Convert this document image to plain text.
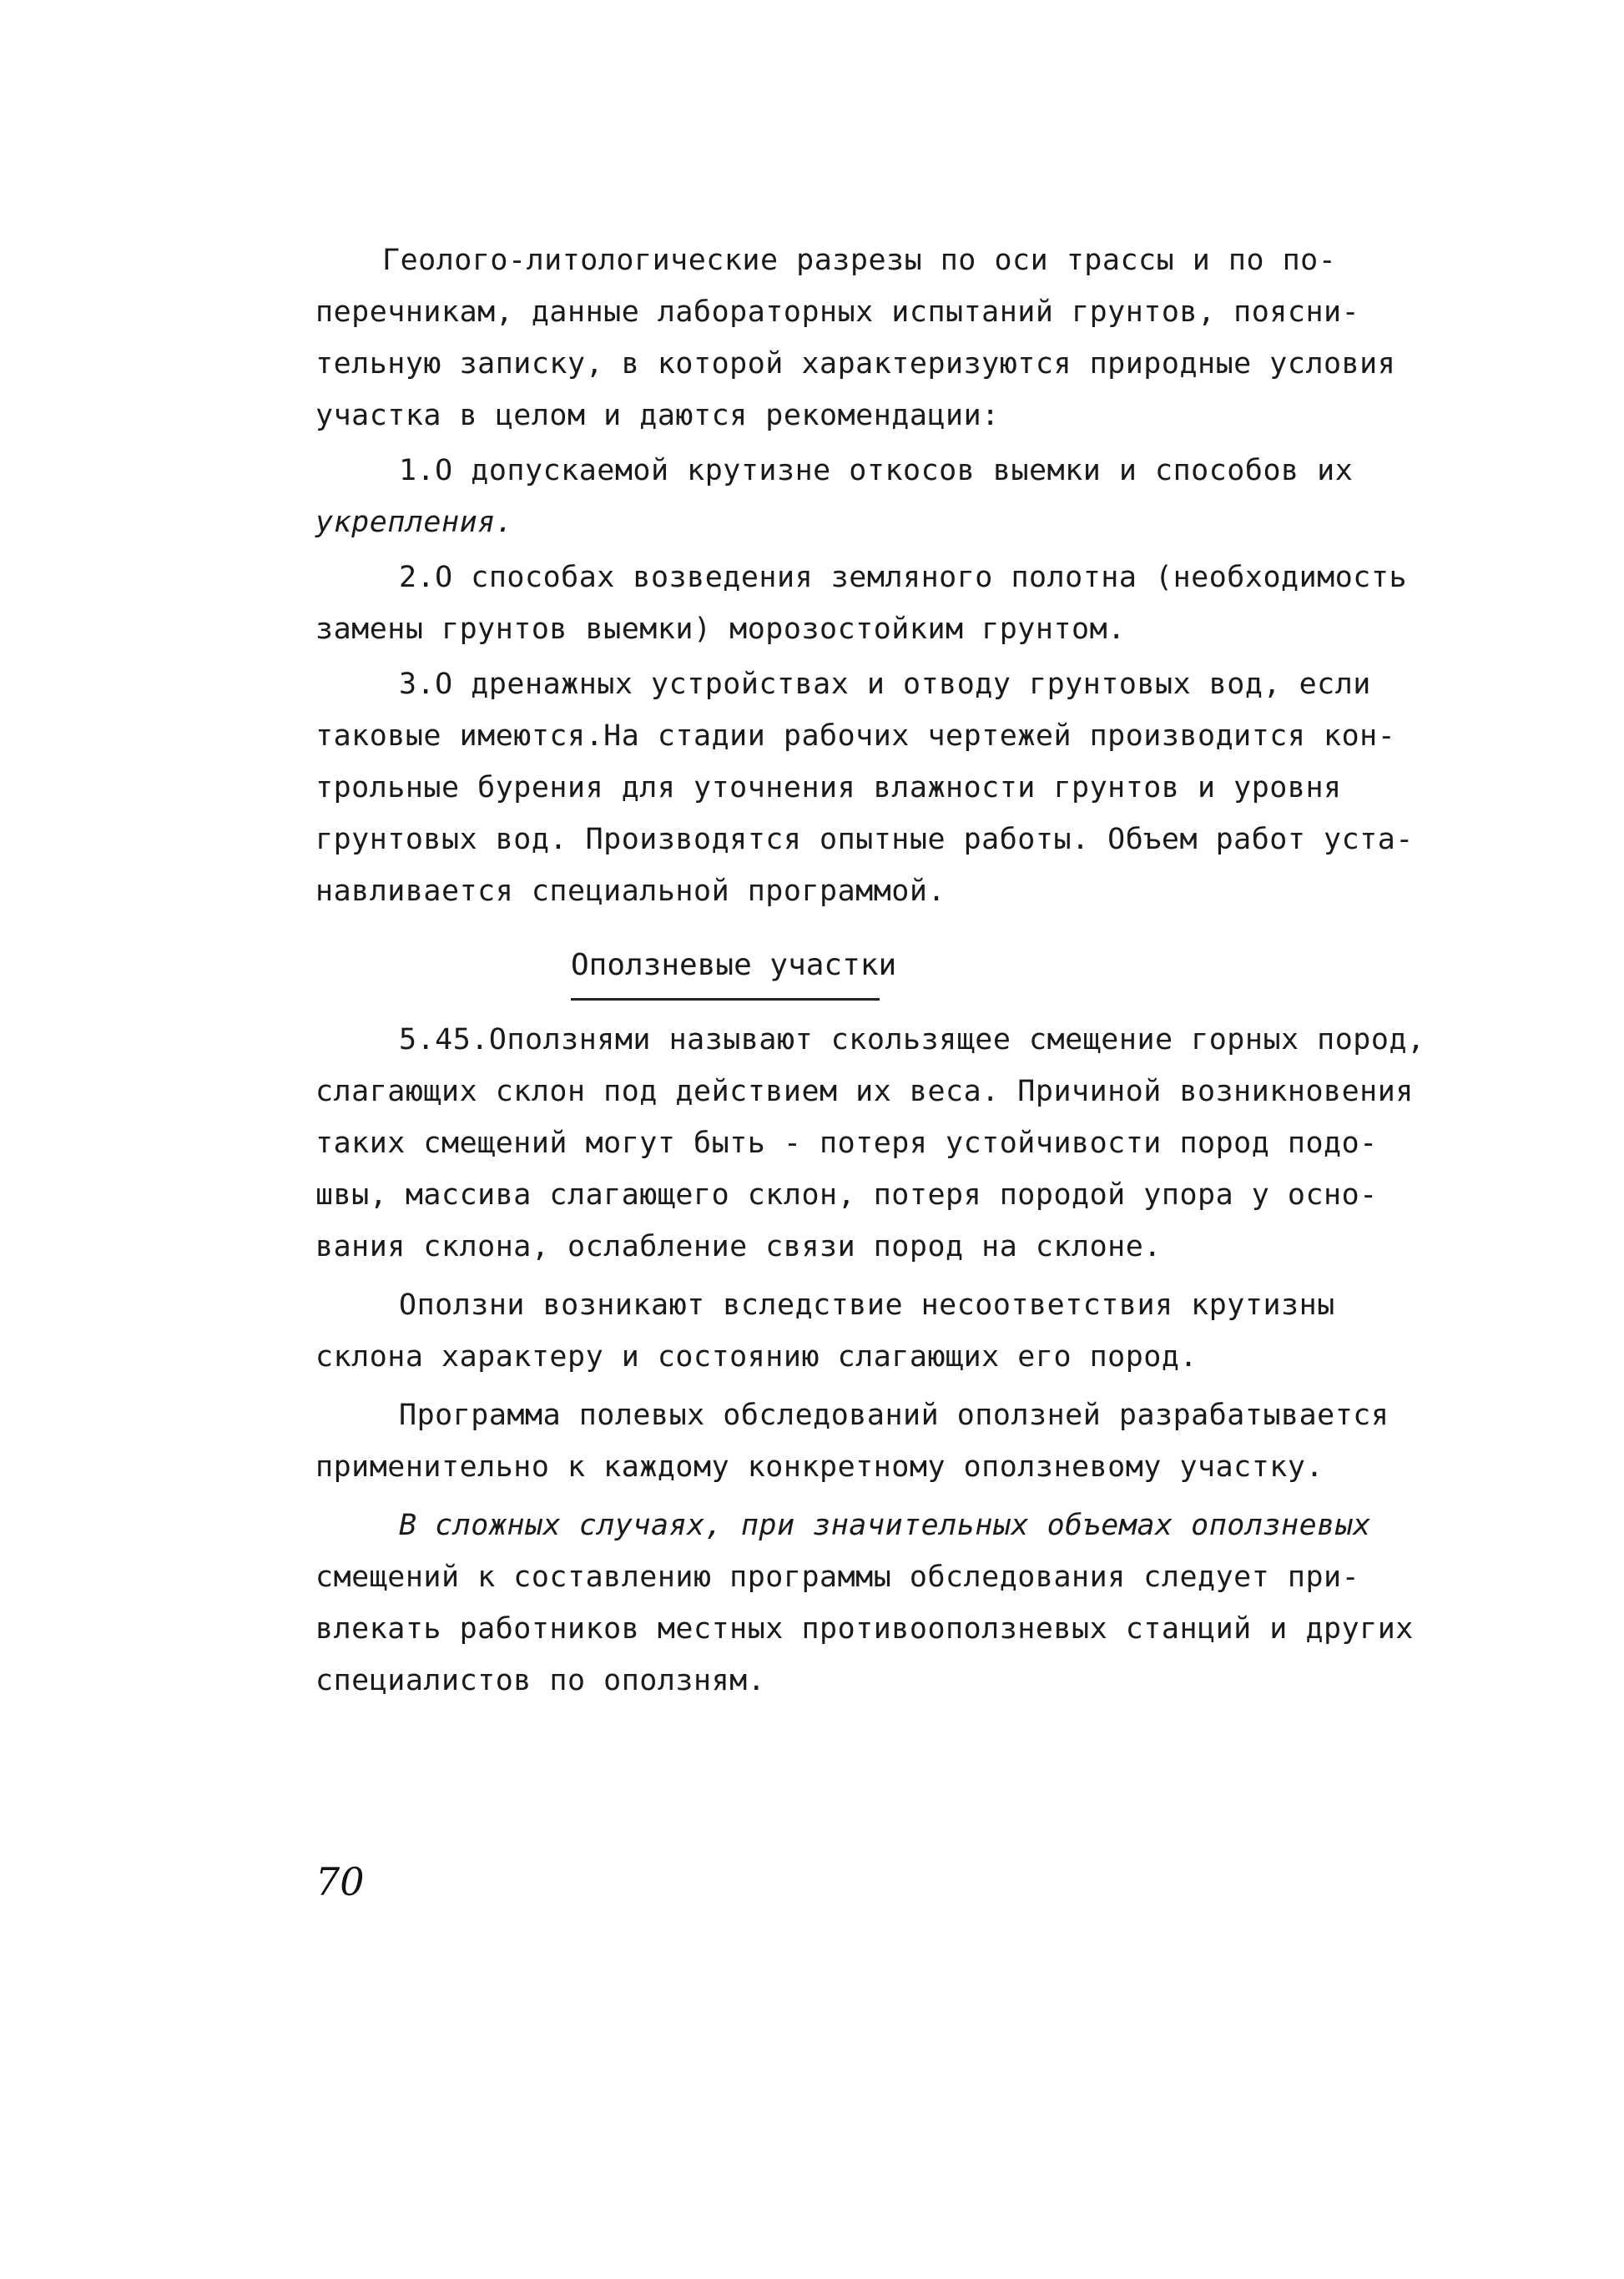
Геолого-литологические разрезы по оси трассы и по по-
перечникам, данные лабораторных испытаний грунтов, поясни-
тельную записку, в которой характеризуются природные условия
участка в целом и даются рекомендации:
1.О допускаемой крутизне откосов выемки и способов их
укрепления.
2.О способах возведения земляного полотна (необходимость
замены грунтов выемки) морозостойким грунтом.
3.О дренажных устройствах и отводу грунтовых вод, если
таковые имеются.На стадии рабочих чертежей производится кон-
трольные бурения для уточнения влажности грунтов и уровня
грунтовых вод. Производятся опытные работы. Объем работ уста-
навливается специальной программой.
Оползневые участки
5.45.Оползнями называют скользящее смещение горных пород,
слагающих склон под действием их веса. Причиной возникновения
таких смещений могут быть - потеря устойчивости пород подо-
швы, массива слагающего склон, потеря породой упора у осно-
вания склона, ослабление связи пород на склоне.
Оползни возникают вследствие несоответствия крутизны
склона характеру и состоянию слагающих его пород.
Программа полевых обследований оползней разрабатывается
применительно к каждому конкретному оползневому участку.
В сложных случаях, при значительных объемах оползневых
смещений к составлению программы обследования следует при-
влекать работников местных противооползневых станций и других
специалистов по оползням.
70
